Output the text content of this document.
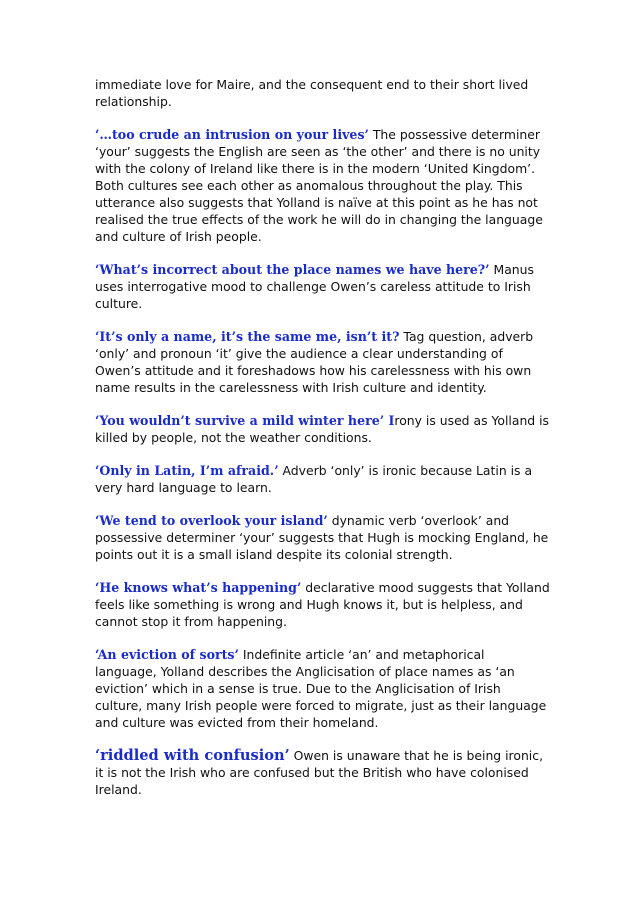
immediate love for Maire, and the consequent end to their short lived relationship.

‘…too crude an intrusion on your lives’ The possessive determiner ‘your’ suggests the English are seen as ‘the other’ and there is no unity with the colony of Ireland like there is in the modern ‘United Kingdom’. Both cultures see each other as anomalous throughout the play. This utterance also suggests that Yolland is naïve at this point as he has not realised the true effects of the work he will do in changing the language and culture of Irish people.

‘What’s incorrect about the place names we have here?’ Manus uses interrogative mood to challenge Owen’s careless attitude to Irish culture.

‘It’s only a name, it’s the same me, isn’t it? Tag question, adverb ‘only’ and pronoun ‘it’ give the audience a clear understanding of Owen’s attitude and it foreshadows how his carelessness with his own name results in the carelessness with Irish culture and identity.

‘You wouldn’t survive a mild winter here’ Irony is used as Yolland is killed by people, not the weather conditions.

‘Only in Latin, I’m afraid.’ Adverb ‘only’ is ironic because Latin is a very hard language to learn.

‘We tend to overlook your island’ dynamic verb ‘overlook’ and possessive determiner ‘your’ suggests that Hugh is mocking England, he points out it is a small island despite its colonial strength.

‘He knows what’s happening’ declarative mood suggests that Yolland feels like something is wrong and Hugh knows it, but is helpless, and cannot stop it from happening.

‘An eviction of sorts’ Indefinite article ‘an’ and metaphorical language, Yolland describes the Anglicisation of place names as ‘an eviction’ which in a sense is true. Due to the Anglicisation of Irish culture, many Irish people were forced to migrate, just as their language and culture was evicted from their homeland.

‘riddled with confusion’ Owen is unaware that he is being ironic, it is not the Irish who are confused but the British who have colonised Ireland.
